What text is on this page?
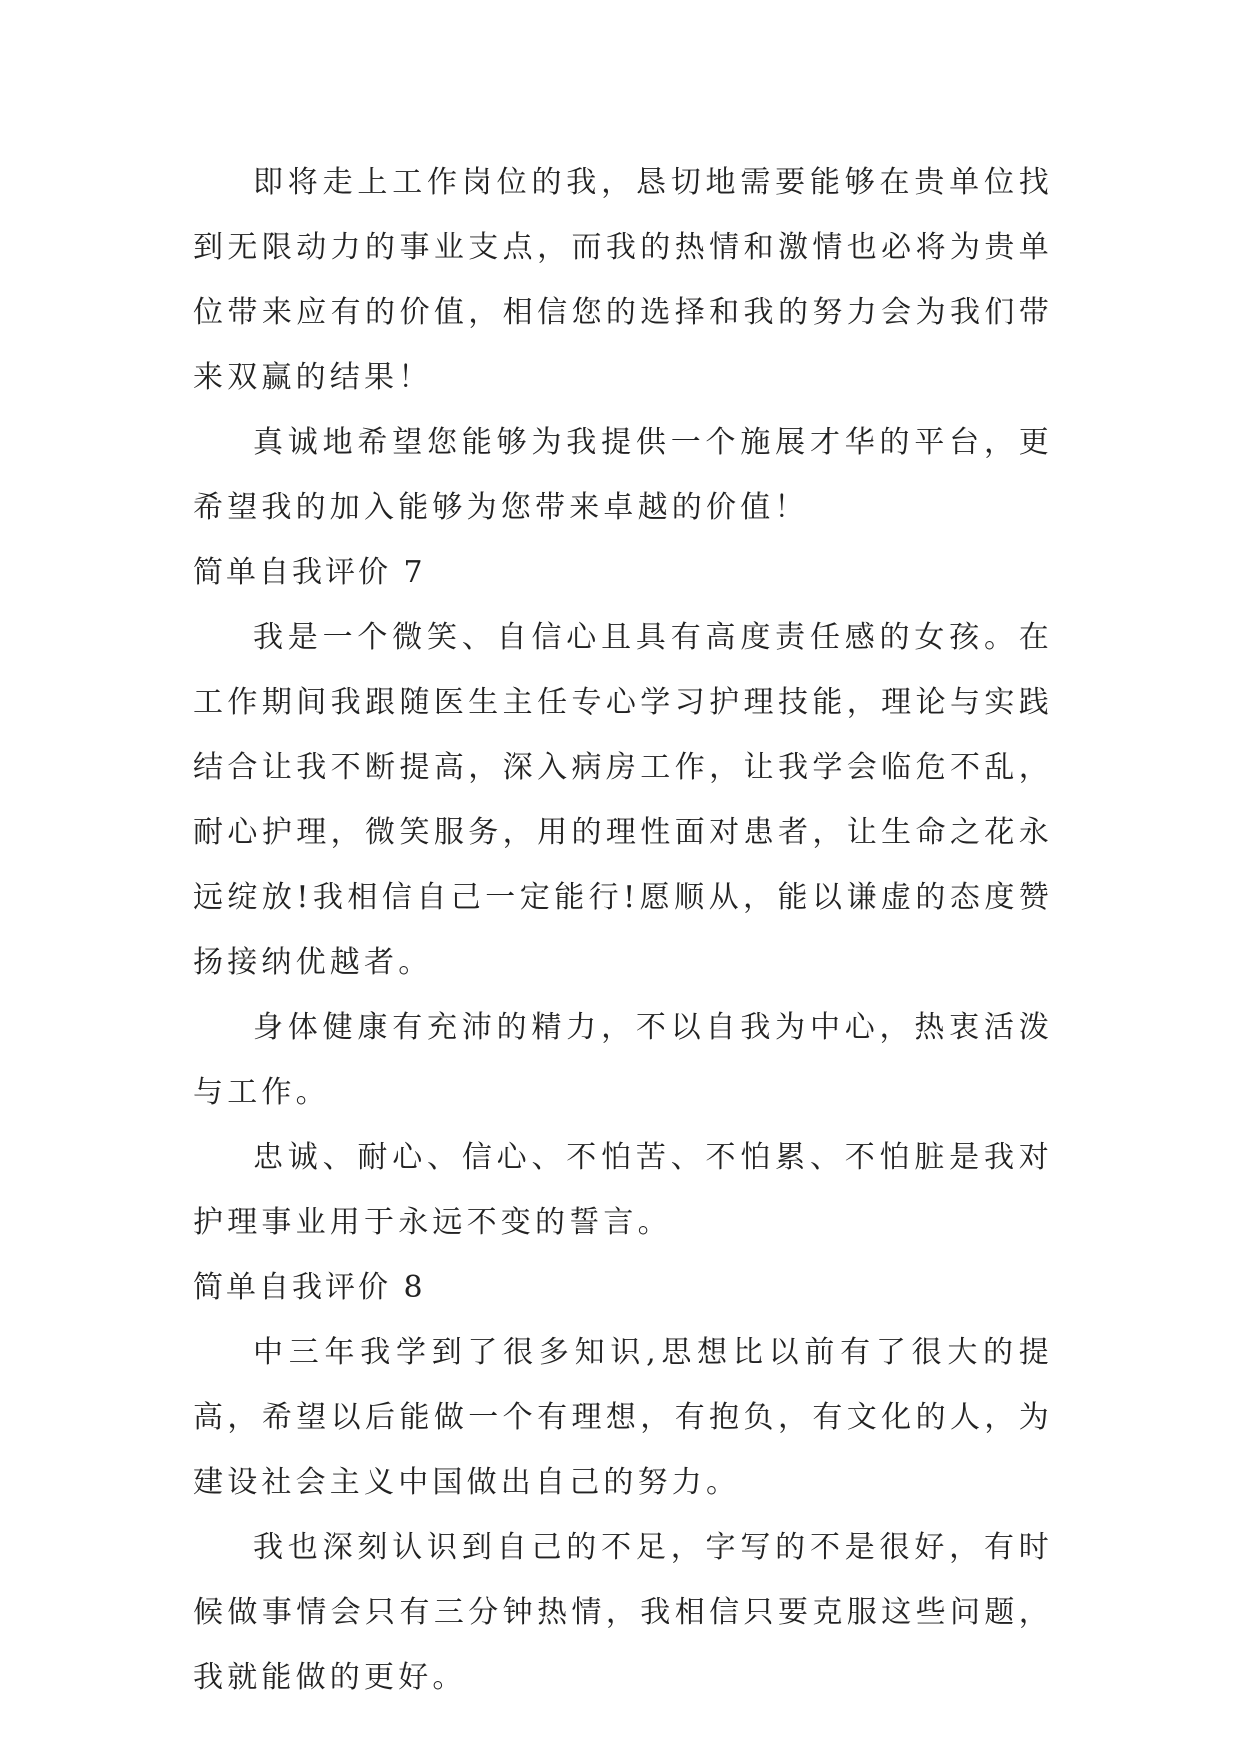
即将走上工作岗位的我，恳切地需要能够在贵单位找到无限动力的事业支点，而我的热情和激情也必将为贵单位带来应有的价值，相信您的选择和我的努力会为我们带来双赢的结果！

真诚地希望您能够为我提供一个施展才华的平台，更希望我的加入能够为您带来卓越的价值！

简单自我评价 7

我是一个微笑、自信心且具有高度责任感的女孩。在工作期间我跟随医生主任专心学习护理技能，理论与实践结合让我不断提高，深入病房工作，让我学会临危不乱，耐心护理，微笑服务，用的理性面对患者，让生命之花永远绽放!我相信自己一定能行!愿顺从，能以谦虚的态度赞扬接纳优越者。

身体健康有充沛的精力，不以自我为中心，热衷活泼与工作。

忠诚、耐心、信心、不怕苦、不怕累、不怕脏是我对护理事业用于永远不变的誓言。

简单自我评价 8

中三年我学到了很多知识,思想比以前有了很大的提高，希望以后能做一个有理想，有抱负，有文化的人，为建设社会主义中国做出自己的努力。

我也深刻认识到自己的不足，字写的不是很好，有时候做事情会只有三分钟热情，我相信只要克服这些问题，我就能做的更好。
